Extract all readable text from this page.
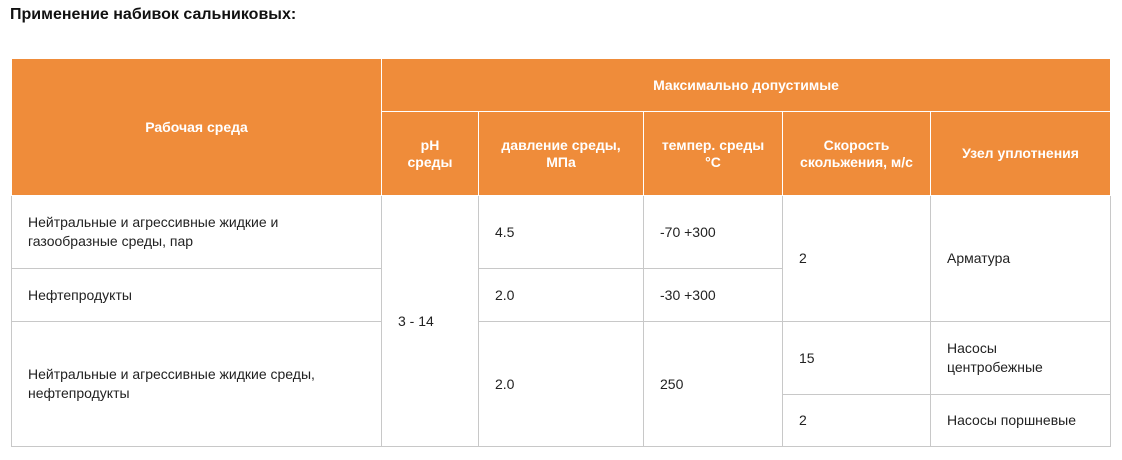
Применение набивок сальниковых:
Рабочая среда	Максимально допустимые				
	pH среды	давление среды, МПа	темпер. среды °С	Скорость скольжения, м/с	Узел уплотнения
Нейтральные и агрессивные жидкие и газообразные среды, пар	3 - 14	4.5	-70 +300	2	Арматура
Нефтепродукты		2.0	-30 +300		
Нейтральные и агрессивные жидкие среды, нефтепродукты		2.0	250	15	Насосы центробежные
				2	Насосы поршневые
